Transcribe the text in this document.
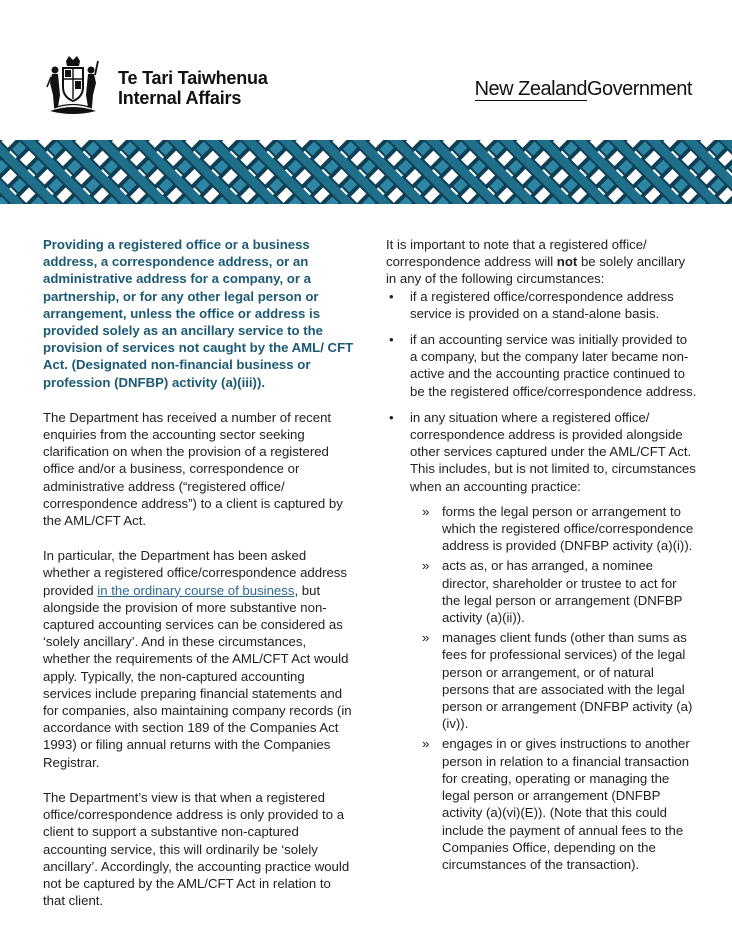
Te Tari Taiwhenua
Internal Affairs	New ZealandGovernment

Providing a registered office or a business address, a correspondence address, or an administrative address for a company, or a partnership, or for any other legal person or arrangement, unless the office or address is provided solely as an ancillary service to the provision of services not caught by the AML/ CFT Act. (Designated non-financial business or profession (DNFBP) activity (a)(iii)).

The Department has received a number of recent enquiries from the accounting sector seeking clarification on when the provision of a registered office and/or a business, correspondence or administrative address (“registered office/ correspondence address”) to a client is captured by the AML/CFT Act.

In particular, the Department has been asked whether a registered office/correspondence address provided in the ordinary course of business, but alongside the provision of more substantive non-captured accounting services can be considered as ‘solely ancillary’. And in these circumstances, whether the requirements of the AML/CFT Act would apply. Typically, the non-captured accounting services include preparing financial statements and for companies, also maintaining company records (in accordance with section 189 of the Companies Act 1993) or filing annual returns with the Companies Registrar.

The Department’s view is that when a registered office/correspondence address is only provided to a client to support a substantive non-captured accounting service, this will ordinarily be ‘solely ancillary’. Accordingly, the accounting practice would not be captured by the AML/CFT Act in relation to that client.

It is important to note that a registered office/ correspondence address will not be solely ancillary in any of the following circumstances:

• if a registered office/correspondence address service is provided on a stand-alone basis.
• if an accounting service was initially provided to a company, but the company later became non-active and the accounting practice continued to be the registered office/correspondence address.
• in any situation where a registered office/ correspondence address is provided alongside other services captured under the AML/CFT Act. This includes, but is not limited to, circumstances when an accounting practice:
» forms the legal person or arrangement to which the registered office/correspondence address is provided (DNFBP activity (a)(i)).
» acts as, or has arranged, a nominee director, shareholder or trustee to act for the legal person or arrangement (DNFBP activity (a)(ii)).
» manages client funds (other than sums as fees for professional services) of the legal person or arrangement, or of natural persons that are associated with the legal person or arrangement (DNFBP activity (a)(iv)).
» engages in or gives instructions to another person in relation to a financial transaction for creating, operating or managing the legal person or arrangement (DNFBP activity (a)(vi)(E)). (Note that this could include the payment of annual fees to the Companies Office, depending on the circumstances of the transaction).
